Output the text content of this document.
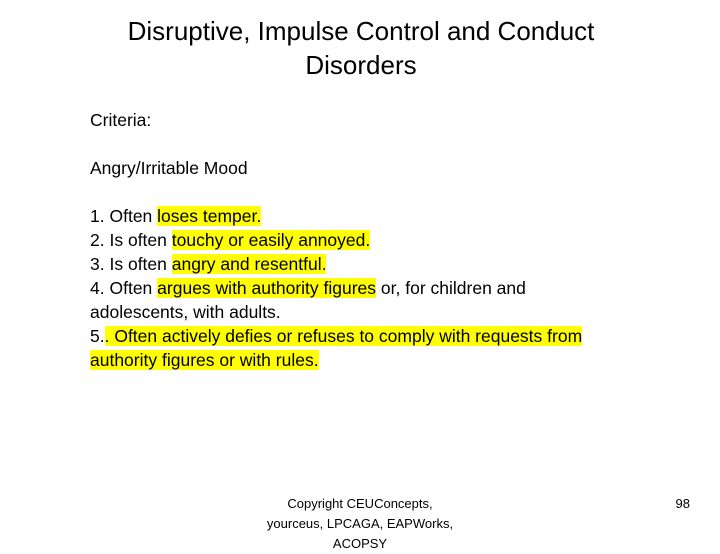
Disruptive, Impulse Control and Conduct
Disorders

Criteria:

Angry/Irritable Mood

1. Often loses temper.

2. Is often touchy or easily annoyed.

3. Is often angry and resentful.

4. Often argues with authority figures or, for children and

adolescents, with adults.

5.. Often actively defies or refuses to comply with requests from

authority figures or with rules.

Copyright CEUConcepts,
yourceus, LPCAGA, EAPWorks,
ACOPSY
98
